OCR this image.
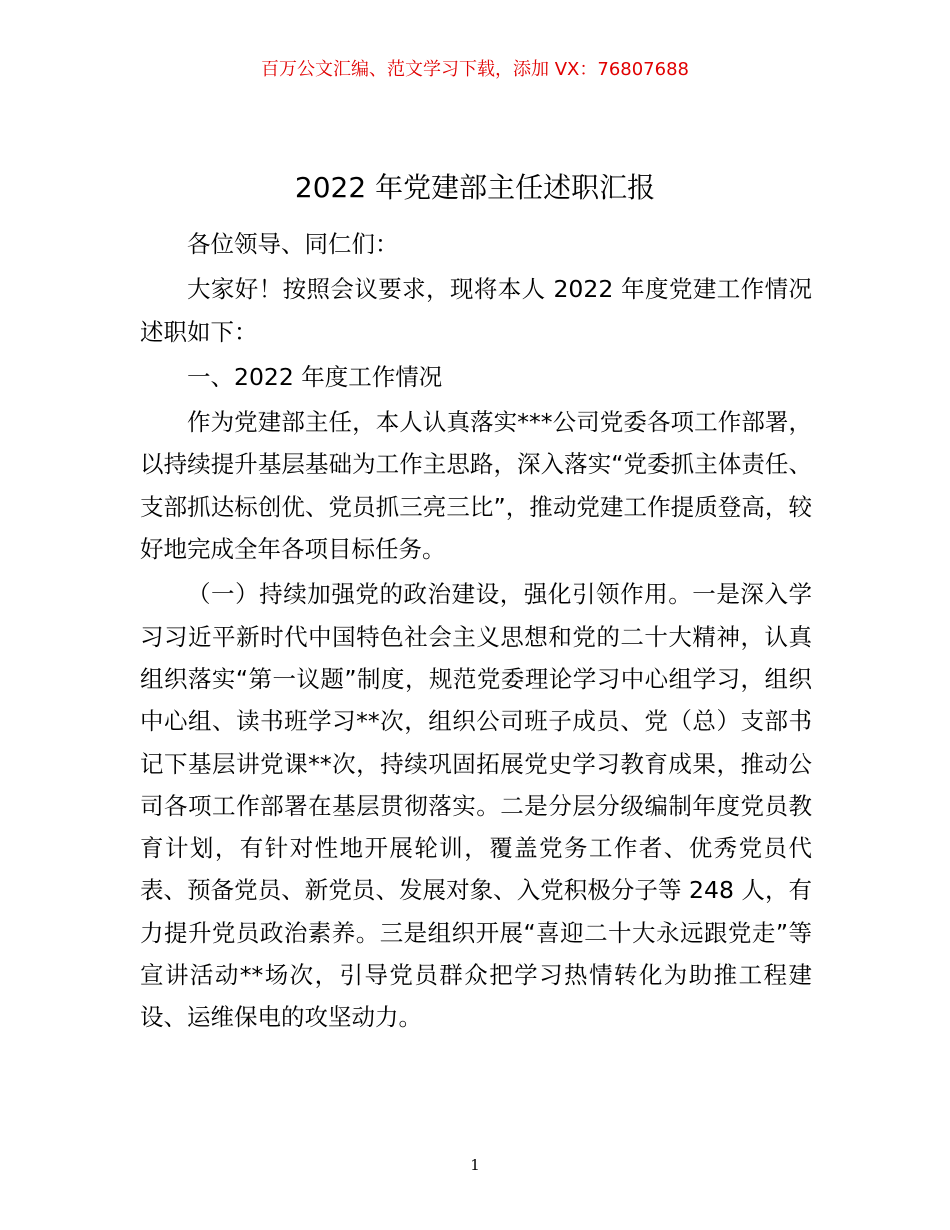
百万公文汇编、范文学习下载，添加 VX：76807688
2022 年党建部主任述职汇报

各位领导、同仁们：

大家好！按照会议要求，现将本人 2022 年度党建工作情况述职如下：

一、2022 年度工作情况

作为党建部主任，本人认真落实***公司党委各项工作部署，以持续提升基层基础为工作主思路，深入落实“党委抓主体责任、支部抓达标创优、党员抓三亮三比”，推动党建工作提质登高，较好地完成全年各项目标任务。

（一）持续加强党的政治建设，强化引领作用。一是深入学习习近平新时代中国特色社会主义思想和党的二十大精神，认真组织落实“第一议题”制度，规范党委理论学习中心组学习，组织中心组、读书班学习**次，组织公司班子成员、党（总）支部书记下基层讲党课**次，持续巩固拓展党史学习教育成果，推动公司各项工作部署在基层贯彻落实。二是分层分级编制年度党员教育计划，有针对性地开展轮训，覆盖党务工作者、优秀党员代表、预备党员、新党员、发展对象、入党积极分子等 248 人，有力提升党员政治素养。三是组织开展“喜迎二十大永远跟党走”等宣讲活动**场次，引导党员群众把学习热情转化为助推工程建设、运维保电的攻坚动力。

1
